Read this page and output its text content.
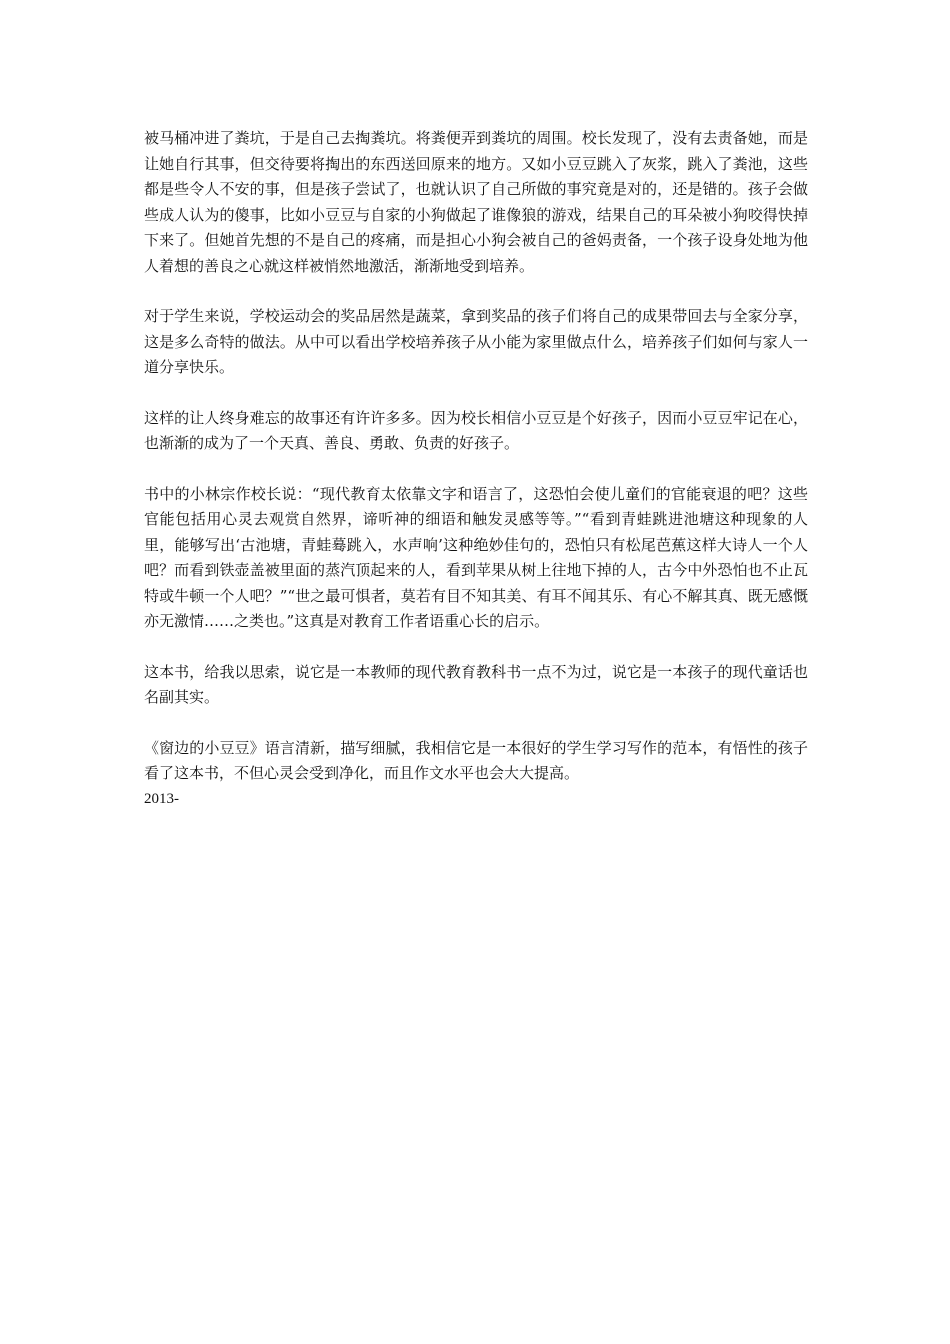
被马桶冲进了粪坑，于是自己去掏粪坑。将粪便弄到粪坑的周围。校长发现了，没有去责备她，而是让她自行其事，但交待要将掏出的东西送回原来的地方。又如小豆豆跳入了灰浆，跳入了粪池，这些都是些令人不安的事，但是孩子尝试了，也就认识了自己所做的事究竟是对的，还是错的。孩子会做些成人认为的傻事，比如小豆豆与自家的小狗做起了谁像狼的游戏，结果自己的耳朵被小狗咬得快掉下来了。但她首先想的不是自己的疼痛，而是担心小狗会被自己的爸妈责备，一个孩子设身处地为他人着想的善良之心就这样被悄然地激活，渐渐地受到培养。

对于学生来说，学校运动会的奖品居然是蔬菜，拿到奖品的孩子们将自己的成果带回去与全家分享，这是多么奇特的做法。从中可以看出学校培养孩子从小能为家里做点什么，培养孩子们如何与家人一道分享快乐。

这样的让人终身难忘的故事还有许许多多。因为校长相信小豆豆是个好孩子，因而小豆豆牢记在心，也渐渐的成为了一个天真、善良、勇敢、负责的好孩子。

书中的小林宗作校长说：“现代教育太依靠文字和语言了，这恐怕会使儿童们的官能衰退的吧？这些官能包括用心灵去观赏自然界，谛听神的细语和触发灵感等等。”“看到青蛙跳进池塘这种现象的人里，能够写出‘古池塘，青蛙蓦跳入，水声响’这种绝妙佳句的，恐怕只有松尾芭蕉这样大诗人一个人吧？而看到铁壶盖被里面的蒸汽顶起来的人，看到苹果从树上往地下掉的人，古今中外恐怕也不止瓦特或牛顿一个人吧？”“世之最可惧者，莫若有目不知其美、有耳不闻其乐、有心不解其真、既无感慨亦无激情……之类也。”这真是对教育工作者语重心长的启示。

这本书，给我以思索，说它是一本教师的现代教育教科书一点不为过，说它是一本孩子的现代童话也名副其实。

《窗边的小豆豆》语言清新，描写细腻，我相信它是一本很好的学生学习写作的范本，有悟性的孩子看了这本书，不但心灵会受到净化，而且作文水平也会大大提高。

2013-
